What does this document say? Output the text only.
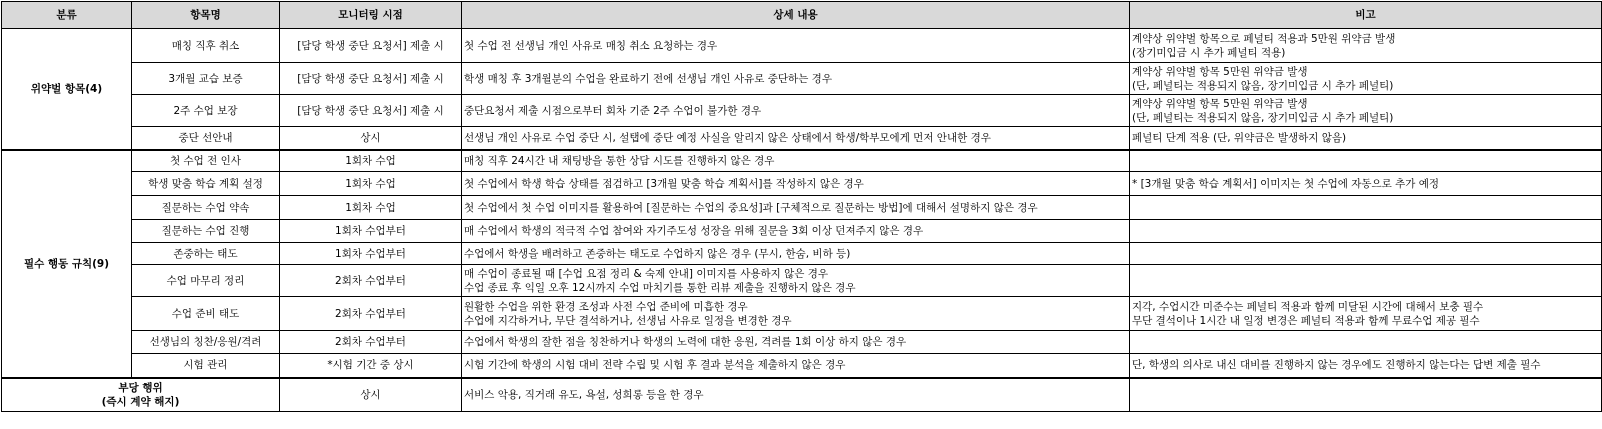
분류	항목명	모니터링 시점	상세 내용	비고
위약벌 항목(4)	매칭 직후 취소	[담당 학생 중단 요청서] 제출 시	첫 수업 전 선생님 개인 사유로 매칭 취소 요청하는 경우	계약상 위약벌 항목으로 페널티 적용과 5만원 위약금 발생
(장기미입금 시 추가 페널티 적용)

	3개월 교습 보증	[담당 학생 중단 요청서] 제출 시	학생 매칭 후 3개월분의 수업을 완료하기 전에 선생님 개인 사유로 중단하는 경우	계약상 위약벌 항목 5만원 위약금 발생
(단, 페널티는 적용되지 않음, 장기미입금 시 추가 페널티)

	2주 수업 보장	[담당 학생 중단 요청서] 제출 시	중단요청서 제출 시점으로부터 회차 기준 2주 수업이 불가한 경우	계약상 위약벌 항목 5만원 위약금 발생
(단, 페널티는 적용되지 않음, 장기미입금 시 추가 페널티)

	중단 선안내	상시	선생님 개인 사유로 수업 중단 시, 설탭에 중단 예정 사실을 알리지 않은 상태에서 학생/학부모에게 먼저 안내한 경우	페널티 단계 적용 (단, 위약금은 발생하지 않음)

필수 행동 규칙(9)	첫 수업 전 인사	1회차 수업	매칭 직후 24시간 내 채팅방을 통한 상담 시도를 진행하지 않은 경우	

	학생 맞춤 학습 계획 설정	1회차 수업	첫 수업에서 학생 학습 상태를 점검하고 [3개월 맞춤 학습 계획서]를 작성하지 않은 경우	* [3개월 맞춤 학습 계획서] 이미지는 첫 수업에 자동으로 추가 예정

	질문하는 수업 약속	1회차 수업	첫 수업에서 첫 수업 이미지를 활용하여 [질문하는 수업의 중요성]과 [구체적으로 질문하는 방법]에 대해서 설명하지 않은 경우	

	질문하는 수업 진행	1회차 수업부터	매 수업에서 학생의 적극적 수업 참여와 자기주도성 성장을 위해 질문을 3회 이상 던져주지 않은 경우	

	존중하는 태도	1회차 수업부터	수업에서 학생을 배려하고 존중하는 태도로 수업하지 않은 경우 (무시, 한숨, 비하 등)	

	수업 마무리 정리	2회차 수업부터	매 수업이 종료될 때 [수업 요점 정리 & 숙제 안내] 이미지를 사용하지 않은 경우
수업 종료 후 익일 오후 12시까지 수업 마치기를 통한 리뷰 제출을 진행하지 않은 경우	

	수업 준비 태도	2회차 수업부터	원활한 수업을 위한 환경 조성과 사전 수업 준비에 미흡한 경우
수업에 지각하거나, 무단 결석하거나, 선생님 사유로 일정을 변경한 경우	지각, 수업시간 미준수는 페널티 적용과 함께 미달된 시간에 대해서 보충 필수
무단 결석이나 1시간 내 일정 변경은 페널티 적용과 함께 무료수업 제공 필수

	선생님의 칭찬/응원/격려	2회차 수업부터	수업에서 학생의 잘한 점을 칭찬하거나 학생의 노력에 대한 응원, 격려를 1회 이상 하지 않은 경우	

	시험 관리	*시험 기간 중 상시	시험 기간에 학생의 시험 대비 전략 수립 및 시험 후 결과 분석을 제출하지 않은 경우	단, 학생의 의사로 내신 대비를 진행하지 않는 경우에도 진행하지 않는다는 답변 제출 필수

부당 행위
(즉시 계약 해지)		상시	서비스 악용, 직거래 유도, 욕설, 성희롱 등을 한 경우	
